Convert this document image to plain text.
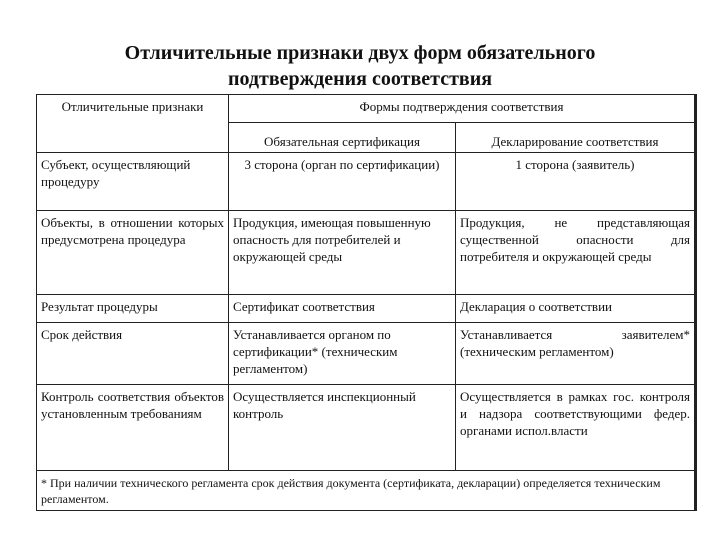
Отличительные признаки двух форм обязательного
подтверждения соответствия
Отличительные признаки	Формы подтверждения соответствия	
	Обязательная сертификация	Декларирование соответствия
Субъект, осуществляющий процедуру	3 сторона (орган по сертификации)	1 сторона (заявитель)
Объекты, в отношении которых предусмотрена процедура	Продукция, имеющая повышенную опасность для потребителей и окружающей среды	Продукция, не представляющая существенной опасности для потребителя и окружающей среды
Результат процедуры	Сертификат соответствия	Декларация о соответствии
Срок действия	Устанавливается органом по сертификации* (техническим регламентом)	Устанавливается заявителем* (техническим регламентом)
Контроль соответствия объектов установленным требованиям	Осуществляется инспекционный контроль	Осуществляется в рамках гос. контроля и надзора соответствующими федер. органами испол.власти
* При наличии технического регламента срок действия документа (сертификата, декларации) определяется техническим регламентом.		
